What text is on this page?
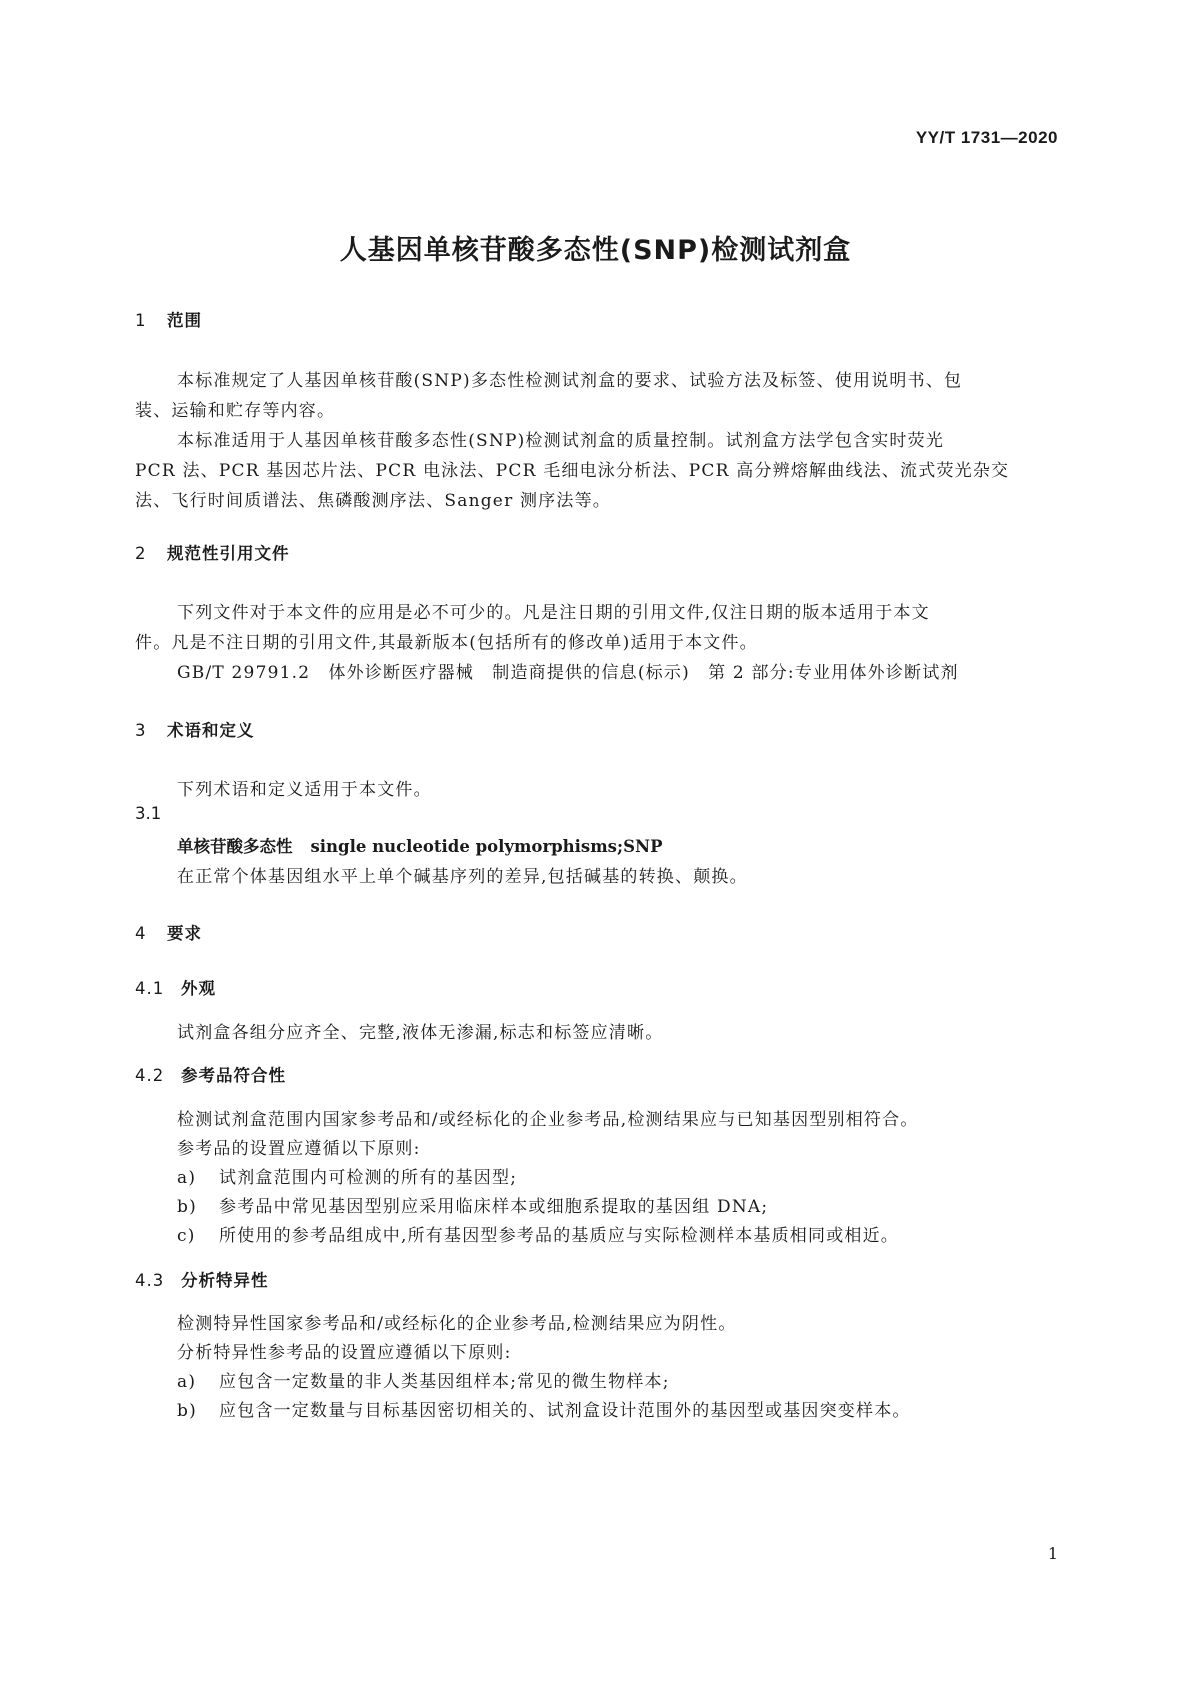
YY/T 1731—2020
人基因单核苷酸多态性(SNP)检测试剂盒
1 范围
本标准规定了人基因单核苷酸(SNP)多态性检测试剂盒的要求、试验方法及标签、使用说明书、包
装、运输和贮存等内容。
本标准适用于人基因单核苷酸多态性(SNP)检测试剂盒的质量控制。试剂盒方法学包含实时荧光
PCR 法、PCR 基因芯片法、PCR 电泳法、PCR 毛细电泳分析法、PCR 高分辨熔解曲线法、流式荧光杂交
法、飞行时间质谱法、焦磷酸测序法、Sanger 测序法等。
2 规范性引用文件
下列文件对于本文件的应用是必不可少的。凡是注日期的引用文件,仅注日期的版本适用于本文
件。凡是不注日期的引用文件,其最新版本(包括所有的修改单)适用于本文件。
GB/T 29791.2　体外诊断医疗器械　制造商提供的信息(标示)　第 2 部分:专业用体外诊断试剂
3 术语和定义
下列术语和定义适用于本文件。
3.1
单核苷酸多态性 single nucleotide polymorphisms;SNP
在正常个体基因组水平上单个碱基序列的差异,包括碱基的转换、颠换。
4 要求
4.1 外观
试剂盒各组分应齐全、完整,液体无渗漏,标志和标签应清晰。
4.2 参考品符合性
检测试剂盒范围内国家参考品和/或经标化的企业参考品,检测结果应与已知基因型别相符合。
参考品的设置应遵循以下原则:
a) 试剂盒范围内可检测的所有的基因型;
b) 参考品中常见基因型别应采用临床样本或细胞系提取的基因组 DNA;
c) 所使用的参考品组成中,所有基因型参考品的基质应与实际检测样本基质相同或相近。
4.3 分析特异性
检测特异性国家参考品和/或经标化的企业参考品,检测结果应为阴性。
分析特异性参考品的设置应遵循以下原则:
a) 应包含一定数量的非人类基因组样本;常见的微生物样本;
b) 应包含一定数量与目标基因密切相关的、试剂盒设计范围外的基因型或基因突变样本。
1
